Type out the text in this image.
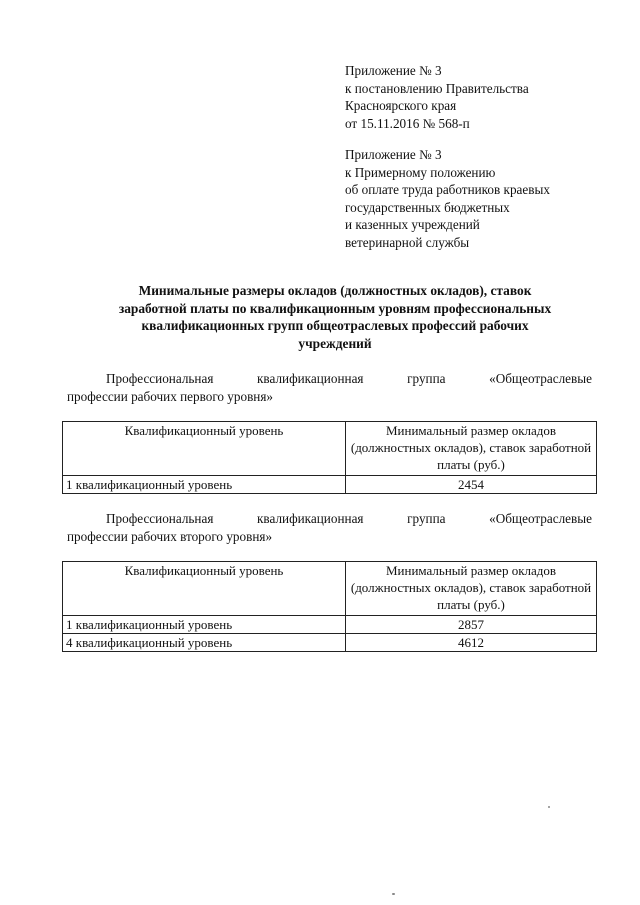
Приложение № 3
к постановлению Правительства
Красноярского края
от 15.11.2016 № 568-п
Приложение № 3
к Примерному положению
об оплате труда работников краевых
государственных бюджетных
и казенных учреждений
ветеринарной службы
Минимальные размеры окладов (должностных окладов), ставок
заработной платы по квалификационным уровням профессиональных
квалификационных групп общеотраслевых профессий рабочих
учреждений
Профессиональная	квалификационная	группа	«Общеотраслевые
профессии рабочих первого уровня»
Квалификационный уровень	Минимальный размер окладов (должностных окладов), ставок заработной платы (руб.)
1 квалификационный уровень	2454
Профессиональная	квалификационная	группа	«Общеотраслевые
профессии рабочих второго уровня»
Квалификационный уровень	Минимальный размер окладов (должностных окладов), ставок заработной платы (руб.)
1 квалификационный уровень	2857
4 квалификационный уровень	4612
